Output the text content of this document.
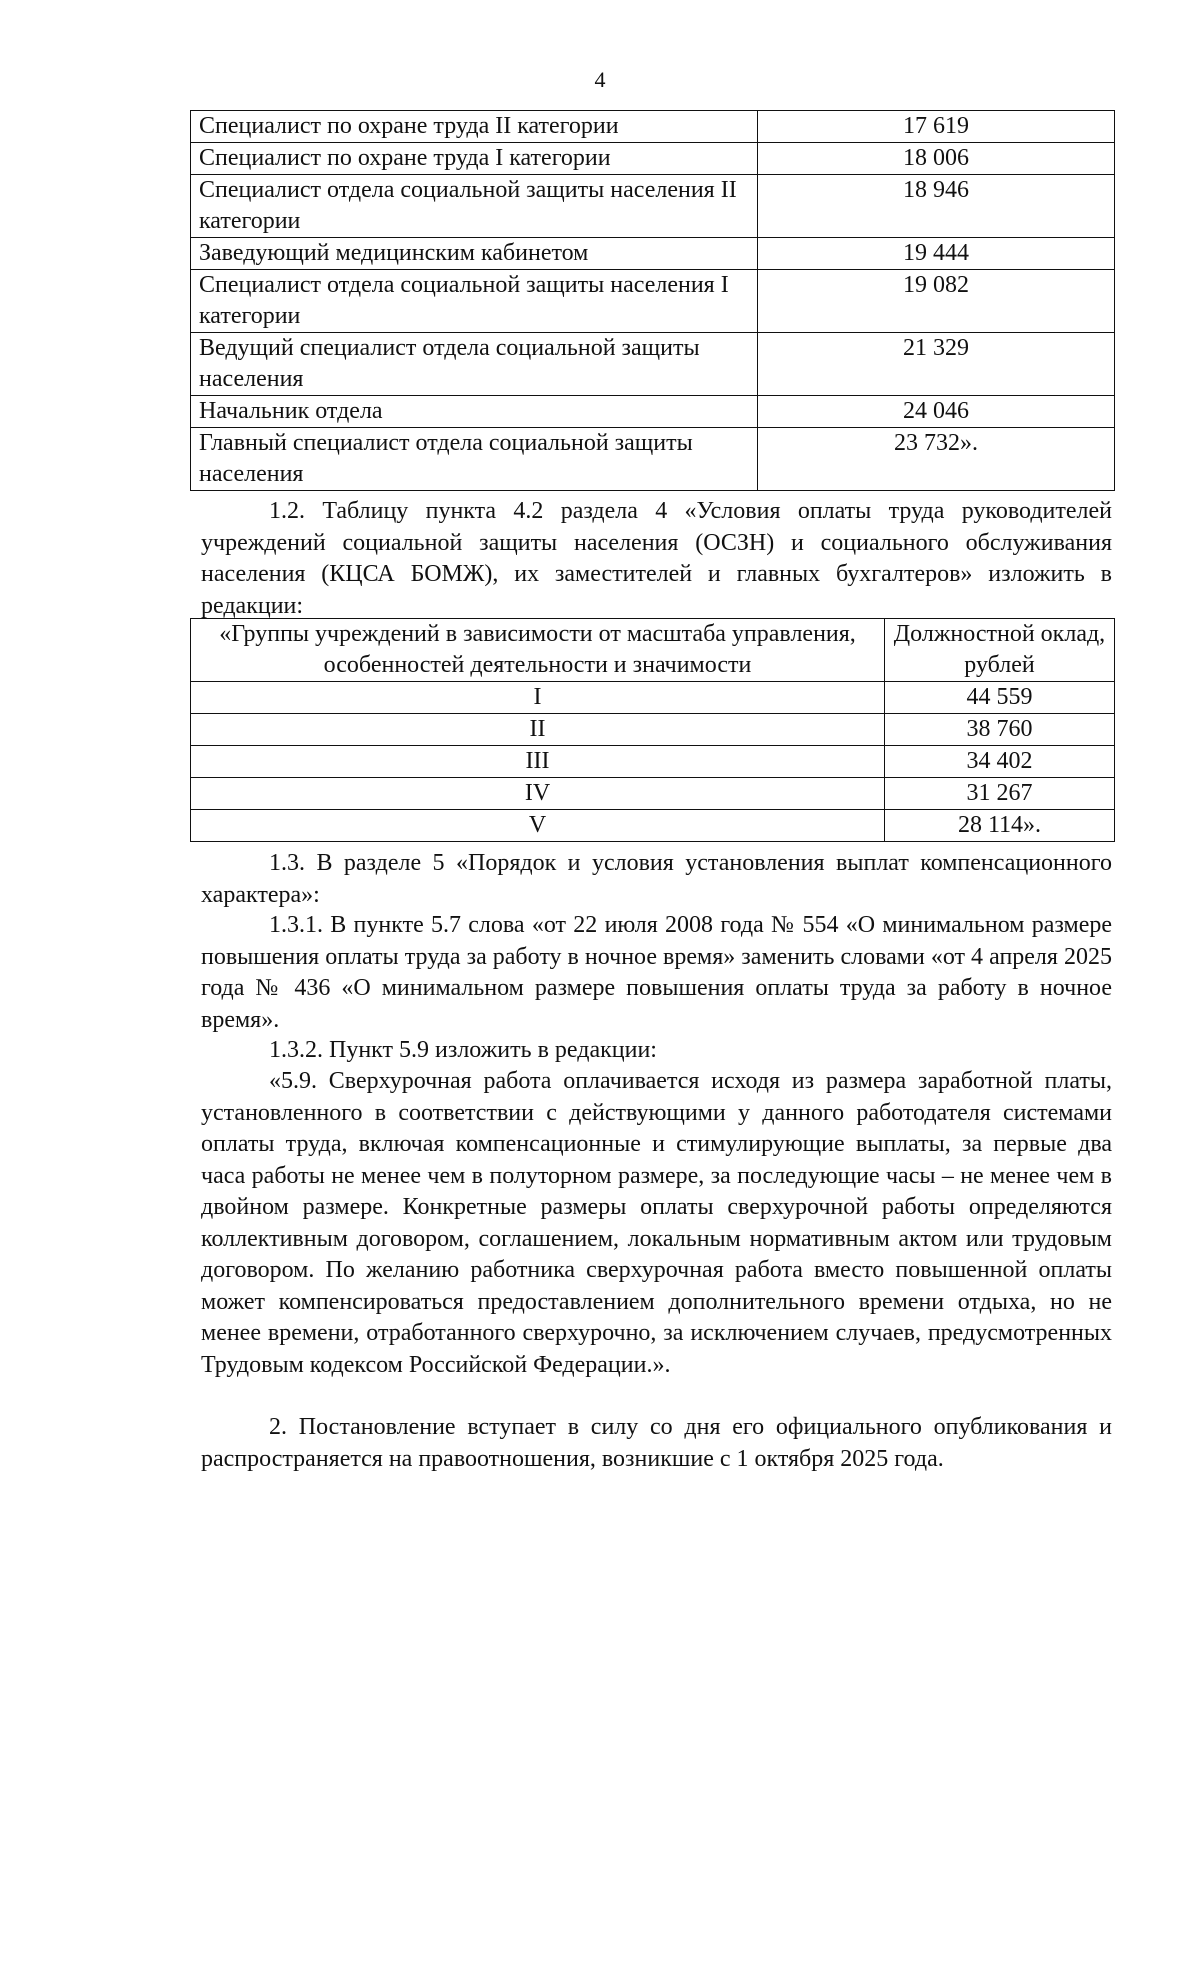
4
Специалист по охране труда II категории	17 619
Специалист по охране труда I категории	18 006
Специалист отдела социальной защиты населения II категории	18 946
Заведующий медицинским кабинетом	19 444
Специалист отдела социальной защиты населения I категории	19 082
Ведущий специалист отдела социальной защиты населения	21 329
Начальник отдела	24 046
Главный специалист отдела социальной защиты населения	23 732».

1.2. Таблицу пункта 4.2 раздела 4 «Условия оплаты труда руководителей учреждений социальной защиты населения (ОСЗН) и социального обслуживания населения (КЦСА БОМЖ), их заместителей и главных бухгалтеров» изложить в редакции:

«Группы учреждений в зависимости от масштаба управления, особенностей деятельности и значимости	Должностной оклад, рублей
I	44 559
II	38 760
III	34 402
IV	31 267
V	28 114».

1.3. В разделе 5 «Порядок и условия установления выплат компенсационного характера»:

1.3.1. В пункте 5.7 слова «от 22 июля 2008 года № 554 «О минимальном размере повышения оплаты труда за работу в ночное время» заменить словами «от 4 апреля 2025 года № 436 «О минимальном размере повышения оплаты труда за работу в ночное время».

1.3.2. Пункт 5.9 изложить в редакции:

«5.9. Сверхурочная работа оплачивается исходя из размера заработной платы, установленного в соответствии с действующими у данного работодателя системами оплаты труда, включая компенсационные и стимулирующие выплаты, за первые два часа работы не менее чем в полуторном размере, за последующие часы – не менее чем в двойном размере. Конкретные размеры оплаты сверхурочной работы определяются коллективным договором, соглашением, локальным нормативным актом или трудовым договором. По желанию работника сверхурочная работа вместо повышенной оплаты может компенсироваться предоставлением дополнительного времени отдыха, но не менее времени, отработанного сверхурочно, за исключением случаев, предусмотренных Трудовым кодексом Российской Федерации.».

2. Постановление вступает в силу со дня его официального опубликования и распространяется на правоотношения, возникшие с 1 октября 2025 года.
